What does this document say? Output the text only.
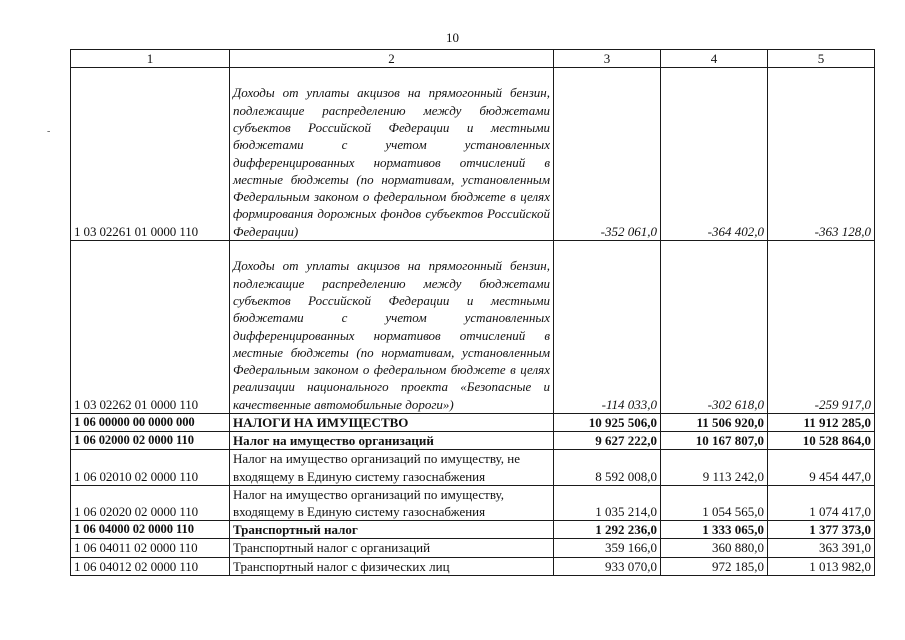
10
-
1	2	3	4	5
1 03 02261 01 0000 110	Доходы от уплаты акцизов на прямогонный бензин, подлежащие распределению между бюджетами субъектов Российской Федерации и местными бюджетами с учетом установленных дифференцированных нормативов отчислений в местные бюджеты (по нормативам, установленным Федеральным законом о федеральном бюджете в целях формирования дорожных фондов субъектов Российской Федерации)	-352 061,0	-364 402,0	-363 128,0
1 03 02262 01 0000 110	Доходы от уплаты акцизов на прямогонный бензин, подлежащие распределению между бюджетами субъектов Российской Федерации и местными бюджетами с учетом установленных дифференцированных нормативов отчислений в местные бюджеты (по нормативам, установленным Федеральным законом о федеральном бюджете в целях реализации национального проекта «Безопасные и качественные автомобильные дороги»)	-114 033,0	-302 618,0	-259 917,0
1 06 00000 00 0000 000	НАЛОГИ НА ИМУЩЕСТВО	10 925 506,0	11 506 920,0	11 912 285,0
1 06 02000 02 0000 110	Налог на имущество организаций	9 627 222,0	10 167 807,0	10 528 864,0
1 06 02010 02 0000 110	Налог на имущество организаций по имуществу, не входящему в Единую систему газоснабжения	8 592 008,0	9 113 242,0	9 454 447,0
1 06 02020 02 0000 110	Налог на имущество организаций по имуществу, входящему в Единую систему газоснабжения	1 035 214,0	1 054 565,0	1 074 417,0
1 06 04000 02 0000 110	Транспортный налог	1 292 236,0	1 333 065,0	1 377 373,0
1 06 04011 02 0000 110	Транспортный налог с организаций	359 166,0	360 880,0	363 391,0
1 06 04012 02 0000 110	Транспортный налог с физических лиц	933 070,0	972 185,0	1 013 982,0
